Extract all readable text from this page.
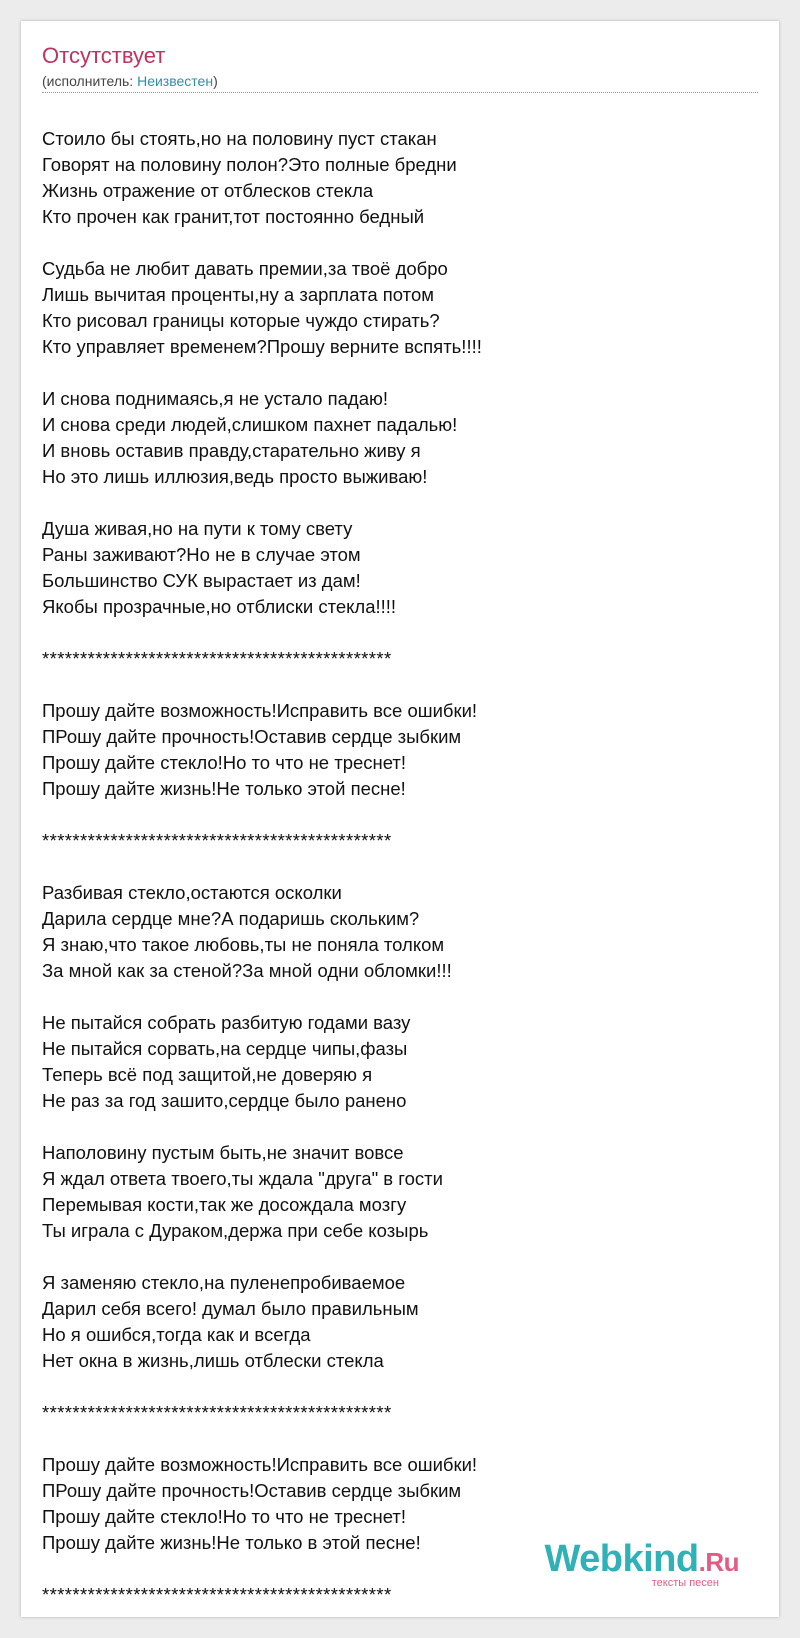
Отсутствует
(исполнитель: Неизвестен)
Стоило бы стоять,но на половину пуст стакан
Говорят на половину полон?Это полные бредни
Жизнь отражение от отблесков стекла
Кто прочен как гранит,тот постоянно бедный
Судьба не любит давать премии,за твоё добро
Лишь вычитая проценты,ну а зарплата потом
Кто рисовал границы которые чуждо стирать?
Кто управляет временем?Прошу верните вспять!!!!
И снова поднимаясь,я не устало падаю!
И снова среди людей,слишком пахнет падалью!
И вновь оставив правду,старательно живу я
Но это лишь иллюзия,ведь просто выживаю!
Душа живая,но на пути к тому свету
Раны заживают?Но не в случае этом
Большинство СУК вырастает из дам!
Якобы прозрачные,но отблиски стекла!!!!
**********************************************
Прошу дайте возможность!Исправить все ошибки!
ПРошу дайте прочность!Оставив сердце зыбким
Прошу дайте стекло!Но то что не треснет!
Прошу дайте жизнь!Не только этой песне!
**********************************************
Разбивая стекло,остаются осколки
Дарила сердце мне?А подаришь скольким?
Я знаю,что такое любовь,ты не поняла толком
За мной как за стеной?За мной одни обломки!!!
Не пытайся собрать разбитую годами вазу
Не пытайся сорвать,на сердце чипы,фазы
Теперь всё под защитой,не доверяю я
Не раз за год зашито,сердце было ранено
Наполовину пустым быть,не значит вовсе
Я ждал ответа твоего,ты ждала "друга" в гости
Перемывая кости,так же досождала мозгу
Ты играла с Дураком,держа при себе козырь
Я заменяю стекло,на пуленепробиваемое
Дарил себя всего! думал было правильным
Но я ошибся,тогда как и всегда
Нет окна в жизнь,лишь отблески стекла
**********************************************
Прошу дайте возможность!Исправить все ошибки!
ПРошу дайте прочность!Оставив сердце зыбким
Прошу дайте стекло!Но то что не треснет!
Прошу дайте жизнь!Не только в этой песне!
**********************************************
Webkind.Ru
тексты песен
